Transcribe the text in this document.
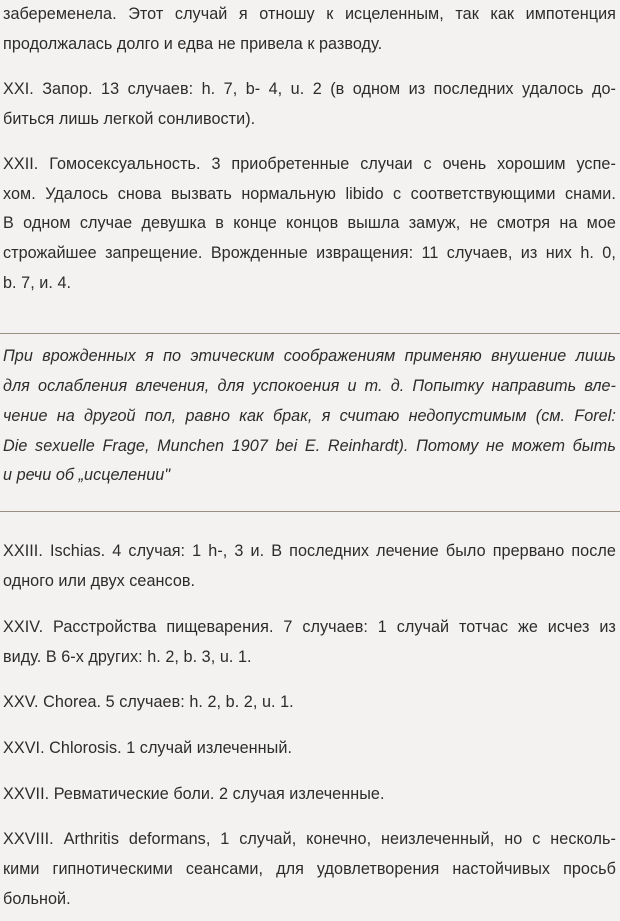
забеременела. Этот случай я отношу к исцеленным, так как импотенция
продолжалась долго и едва не привела к разводу.
XXI. Запор. 13 случаев: h. 7, b- 4, u. 2 (в одном из последних удалось до-
биться лишь легкой сонливости).
XXII. Гомосексуальность. 3 приобретенные случаи с очень хорошим успе-
хом. Удалось снова вызвать нормальную libido с соответствующими снами.
В одном случае девушка в конце концов вышла замуж, не смотря на мое
строжайшее запрещение. Врожденные извращения: 11 случаев, из них h. 0,
b. 7, и. 4.
При врожденных я по этическим соображениям применяю внушение лишь
для ослабления влечения, для успокоения и т. д. Попытку направить вле-
чение на другой пол, равно как брак, я считаю недопустимым (см. Forel:
Die sexuelle Frage, Munchen 1907 bei E. Reinhardt). Потому не может быть
и речи об „исцелении"
XXIII. Ischias. 4 случая: 1 h-, 3 и. В последних лечение было прервано после
одного или двух сеансов.
XXIV. Расстройства пищеварения. 7 случаев: 1 случай тотчас же исчез из
виду. В 6-х других: h. 2, b. 3, u. 1.
XXV. Chorea. 5 случаев: h. 2, b. 2, u. 1.
XXVI. Chlorosis. 1 случай излеченный.
XXVII. Ревматические боли. 2 случая излеченные.
XXVIII. Arthritis deformans, 1 случай, конечно, неизлеченный, но с несколь-
кими гипнотическими сеансами, для удовлетворения настойчивых просьб
больной.
